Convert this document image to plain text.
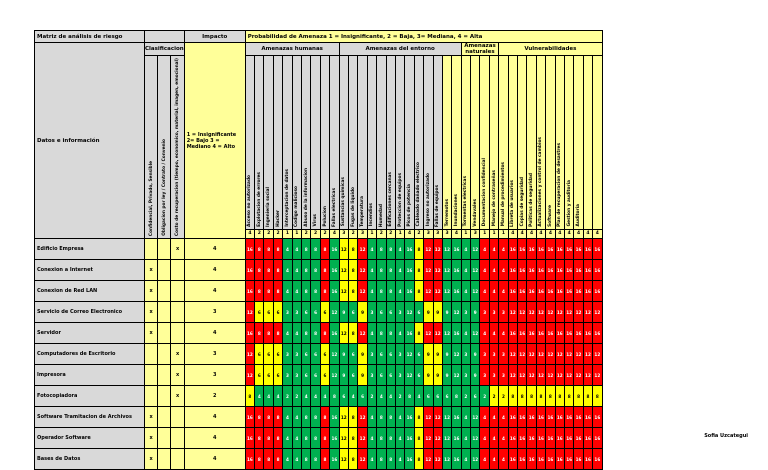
Matriz de análisis de riesgo				Impacto	Probabilidad de Amenaza 1 = Insignificante, 2 = Baja, 3= Mediana, 4 = Alta																																					
Datos e información	Clasificacion			1 = Insignificante 2= Bajo 3 = Mediano 4 = Alto	Amenazas humanas										Amenazas del entorno													Amenazas naturales				Vulnerabilidades										

	Confidencial, Privado, Sensible	Obligacion por ley / Contrato / Convenio	Costo de recuperacion (tiempo, economico, material, imagen, emocional)		Acceso no autorizado	Explotacion de errores	Ingenieria social	Hacker	Interceptacion de datos	Codigo malicioso	Abuso de la informacion	Virus	Polucion	Fallas electricas	Sustancias quimicas	Fugas de liquido	Temperatura	Incendios	Humedad	Edificaciones cercanas	Proteccion de equipos	Picos de potencia	Cableado dañado electrico	Ingreso no autorizado	Fallas de equipos	Terremotos	Inundaciones	Tormentas electricas	Vendavales	Documentacion confidencial	Manejo de contraseñas	Manual de procedimientos	Libreta de usuarios	Copias de seguridad	Politicas de seguridad	Actualizaciones y control de cambios	Software	Plan de recuperacion de desastres	Gestion y auditoria	Auditoria		

					4	2	2	2	1	1	2	2	2	4	3	2	3	1	2	2	1	4	2	3	3	3	4	1	3	1	1	1	4	4	4	4	4	4	4	4	4	4
Edificio Empresa			x	4	16	8	8	8	4	4	8	8	8	16	12	8	12	4	8	8	4	16	8	12	12	12	16	4	12	4	4	4	16	16	16	16	16	16	16	16	16	16
Conexion a Internet	x			4	16	8	8	8	4	4	8	8	8	16	12	8	12	4	8	8	4	16	8	12	12	12	16	4	12	4	4	4	16	16	16	16	16	16	16	16	16	16
Conexion de Red LAN	x			4	16	8	8	8	4	4	8	8	8	16	12	8	12	4	8	8	4	16	8	12	12	12	16	4	12	4	4	4	16	16	16	16	16	16	16	16	16	16
Servicio de Correo Electronico	x			3	12	6	6	6	3	3	6	6	6	12	9	6	9	3	6	6	3	12	6	9	9	9	12	3	9	3	3	3	12	12	12	12	12	12	12	12	12	12
Servidor	x			4	16	8	8	8	4	4	8	8	8	16	12	8	12	4	8	8	4	16	8	12	12	12	16	4	12	4	4	4	16	16	16	16	16	16	16	16	16	16
Computadores de Escritorio			x	3	12	6	6	6	3	3	6	6	6	12	9	6	9	3	6	6	3	12	6	9	9	9	12	3	9	3	3	3	12	12	12	12	12	12	12	12	12	12
Impresora			x	3	12	6	6	6	3	3	6	6	6	12	9	6	9	3	6	6	3	12	6	9	9	9	12	3	9	3	3	3	12	12	12	12	12	12	12	12	12	12
Fotocopiadora			x	2	8	4	4	4	2	2	4	4	4	8	6	4	6	2	4	4	2	8	4	6	6	6	8	2	6	2	2	2	8	8	8	8	8	8	8	8	8	8
Software Tramitacion de Archivos	x			4	16	8	8	8	4	4	8	8	8	16	12	8	12	4	8	8	4	16	8	12	12	12	16	4	12	4	4	4	16	16	16	16	16	16	16	16	16	16
Operador Software	x			4	16	8	8	8	4	4	8	8	8	16	12	8	12	4	8	8	4	16	8	12	12	12	16	4	12	4	4	4	16	16	16	16	16	16	16	16	16	16
Bases de Datos	x			4	16	8	8	8	4	4	8	8	8	16	12	8	12	4	8	8	4	16	8	12	12	12	16	4	12	4	4	4	16	16	16	16	16	16	16	16	16	16
Sofia Uzcategui
